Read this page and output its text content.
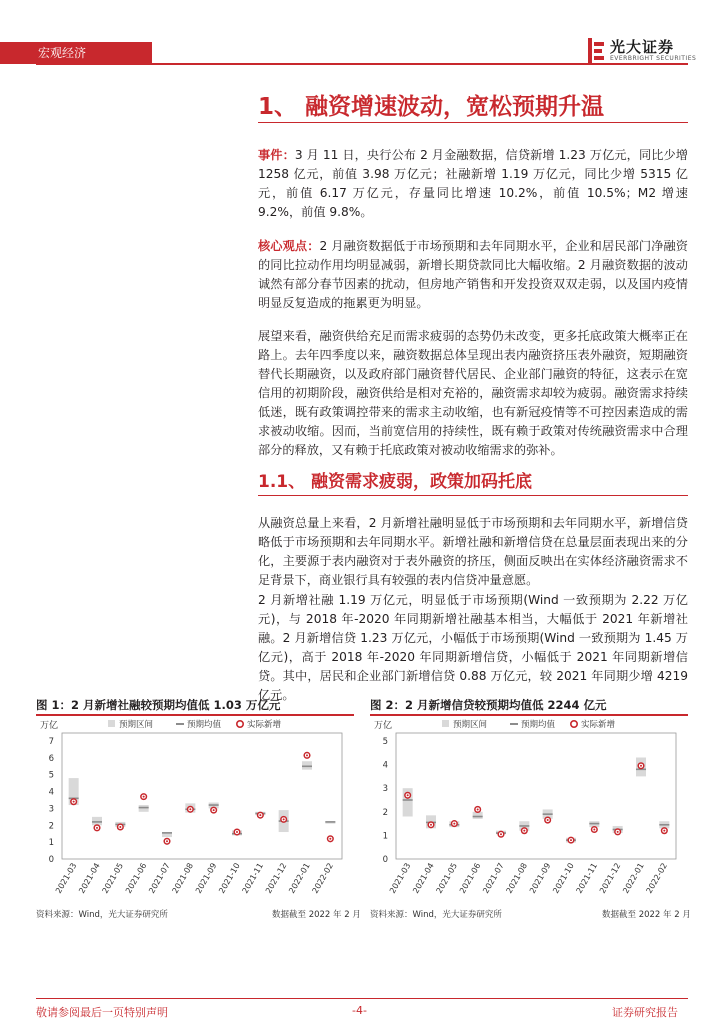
宏观经济	光大证券
EVERBRIGHT SECURITIES
1、 融资增速波动，宽松预期升温

事件：3 月 11 日，央行公布 2 月金融数据，信贷新增 1.23 万亿元，同比少增 1258 亿元，前值 3.98 万亿元；社融新增 1.19 万亿元，同比少增 5315 亿元，前值 6.17 万亿元，存量同比增速 10.2%，前值 10.5%；M2 增速 9.2%，前值 9.8%。

核心观点：2 月融资数据低于市场预期和去年同期水平，企业和居民部门净融资的同比拉动作用均明显减弱，新增长期贷款同比大幅收缩。2 月融资数据的波动诚然有部分春节因素的扰动，但房地产销售和开发投资双双走弱，以及国内疫情明显反复造成的拖累更为明显。

展望来看，融资供给充足而需求疲弱的态势仍未改变，更多托底政策大概率正在路上。去年四季度以来，融资数据总体呈现出表内融资挤压表外融资，短期融资替代长期融资，以及政府部门融资替代居民、企业部门融资的特征，这表示在宽信用的初期阶段，融资供给是相对充裕的，融资需求却较为疲弱。融资需求持续低迷，既有政策调控带来的需求主动收缩，也有新冠疫情等不可控因素造成的需求被动收缩。因而，当前宽信用的持续性，既有赖于政策对传统融资需求中合理部分的释放，又有赖于托底政策对被动收缩需求的弥补。

1.1、 融资需求疲弱，政策加码托底

从融资总量上来看，2 月新增社融明显低于市场预期和去年同期水平，新增信贷略低于市场预期和去年同期水平。新增社融和新增信贷在总量层面表现出来的分化，主要源于表内融资对于表外融资的挤压，侧面反映出在实体经济融资需求不足背景下，商业银行具有较强的表内信贷冲量意愿。

2 月新增社融 1.19 万亿元，明显低于市场预期(Wind 一致预期为 2.22 万亿元)，与 2018 年-2020 年同期新增社融基本相当，大幅低于 2021 年新增社融。2 月新增信贷 1.23 万亿元，小幅低于市场预期(Wind 一致预期为 1.45 万亿元)，高于 2018 年-2020 年同期新增信贷，小幅低于 2021 年同期新增信贷。其中，居民和企业部门新增信贷 0.88 万亿元，较 2021 年同期少增 4219 亿元。

图 1：2 月新增社融较预期均值低 1.03 万亿元
万亿	预期区间	预期均值	实际新增
0
1
2
3
4
5
6
7
2021-03
2021-04
2021-05
2021-06
2021-07
2021-08
2021-09
2021-10
2021-11
2021-12
2022-01
2022-02
资料来源：Wind，光大证券研究所	数据截至 2022 年 2 月
图 2：2 月新增信贷较预期均值低 2244 亿元
万亿	预期区间	预期均值	实际新增
0
1
2
3
4
5
2021-03
2021-04
2021-05
2021-06
2021-07
2021-08
2021-09
2021-10
2021-11
2021-12
2022-01
2022-02
资料来源：Wind，光大证券研究所	数据截至 2022 年 2 月
敬请参阅最后一页特别声明	-4-	证券研究报告
